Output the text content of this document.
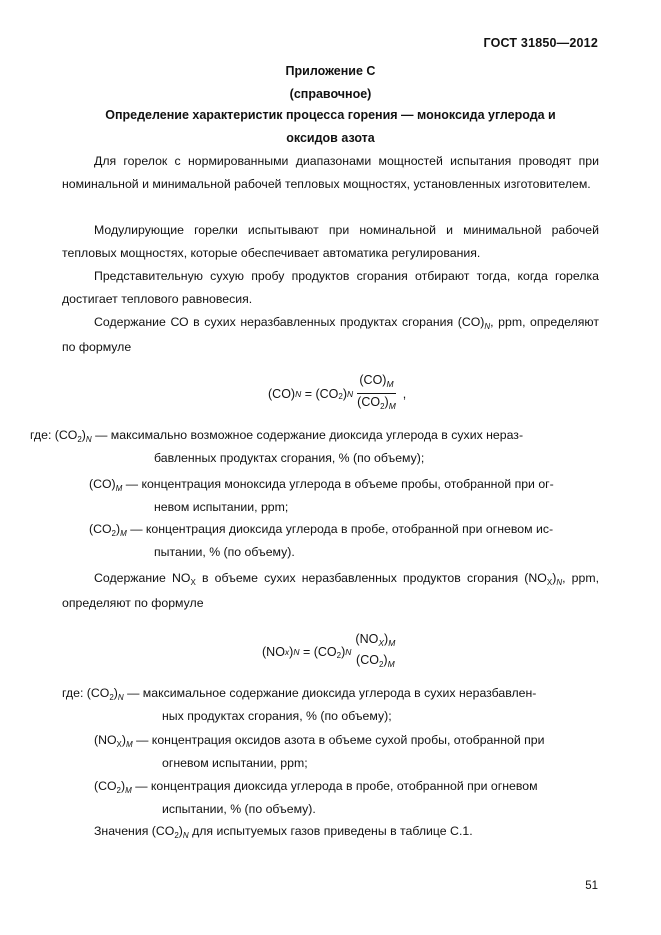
ГОСТ 31850—2012
Приложение С
(справочное)
Определение характеристик процесса горения — моноксида углерода и
оксидов азота
Для горелок с нормированными диапазонами мощностей испытания проводят при номинальной и минимальной рабочей тепловых мощностях, установленных изготовителем.
Модулирующие горелки испытывают при номинальной и минимальной рабочей тепловых мощностях, которые обеспечивает автоматика регулирования.
Представительную сухую пробу продуктов сгорания отбирают тогда, когда горелка достигает теплового равновесия.
Содержание СО в сухих неразбавленных продуктах сгорания $(CO)_N$, ppm, определяют по формуле
(CO) N = (CO 2 ) N $\frac{(CO)_M}{(CO_2)_M}$ ,
где: $(CO_2)_N$ — максимально возможное содержание диоксида углерода в сухих нераз-
бавленных продуктах сгорания, % (по объему);
$(CO)_M$ — концентрация моноксида углерода в объеме пробы, отобранной при ог-
невом испытании, ppm;
$(CO_2)_M$ — концентрация диоксида углерода в пробе, отобранной при огневом ис-
пытании, % (по объему).
Содержание $NO_X$ в объеме сухих неразбавленных продуктов сгорания $(NO_X)_N$, ppm, определяют по формуле
(NO x ) N = (CO 2 ) N
$(NO_X)_M$
$(CO_2)_M$
где: $(CO_2)_N$ — максимальное содержание диоксида углерода в сухих неразбавлен-
ных продуктах сгорания, % (по объему);
$(NO_X)_M$ — концентрация оксидов азота в объеме сухой пробы, отобранной при
огневом испытании, ppm;
$(CO_2)_M$ — концентрация диоксида углерода в пробе, отобранной при огневом
испытании, % (по объему).
Значения $(CO_2)_N$ для испытуемых газов приведены в таблице С.1.
51
